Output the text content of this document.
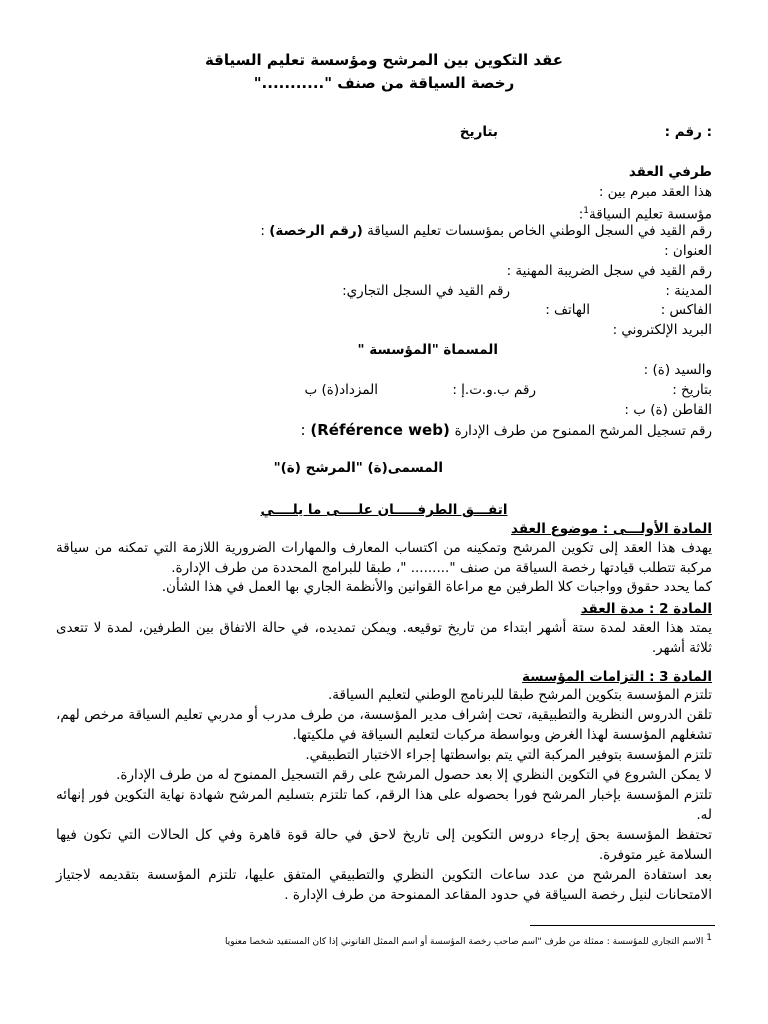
عقد التكوين بين المرشح ومؤسسة تعليم السياقة
رخصة السياقة من صنف "..........."
: رقم :
بتاريخ
طرفي العقد
هذا العقد مبرم بين :
مؤسسة تعليم السياقة$^1$:
رقم القيد في السجل الوطني الخاص بمؤسسات تعليم السياقة (رقم الرخصة) :
العنوان :
رقم القيد في سجل الضريبة المهنية :
المدينة :
رقم القيد في السجل التجاري:
الفاكس :
الهاتف :
البريد الإلكتروني :
المسماة "المؤسسة "
والسيد (ة) :
بتاريخ :
المزداد(ة) ب	رقم ب.و.ت.إ :
القاطن (ة) ب :
رقم تسجيل المرشح الممنوح من طرف الإدارة (Référence web) :
المسمى(ة) "المرشح (ة)"
اتفـــق الطرفـــــان علــــى ما يلــــي
المادة الأولـــى : موضوع العقد
يهدف هذا العقد إلى تكوين المرشح وتمكينه من اكتساب المعارف والمهارات الضرورية اللازمة التي تمكنه من سياقة مركبة تتطلب قيادتها رخصة السياقة من صنف "......... "، طبقا للبرامج المحددة من طرف الإدارة.
كما يحدد حقوق وواجبات كلا الطرفين مع مراعاة القوانين والأنظمة الجاري بها العمل في هذا الشأن.
المادة 2 : مدة العقد
يمتد هذا العقد لمدة ستة أشهر ابتداء من تاريخ توقيعه. ويمكن تمديده، في حالة الاتفاق بين الطرفين، لمدة لا تتعدى ثلاثة أشهر.
المادة 3 : التزامات المؤسسة
تلتزم المؤسسة بتكوين المرشح طبقا للبرنامج الوطني لتعليم السياقة.
تلقن الدروس النظرية والتطبيقية، تحت إشراف مدير المؤسسة، من طرف مدرب أو مدربي تعليم السياقة مرخص لهم، تشغلهم المؤسسة لهذا الغرض وبواسطة مركبات لتعليم السياقة في ملكيتها.
تلتزم المؤسسة بتوفير المركبة التي يتم بواسطتها إجراء الاختبار التطبيقي.
لا يمكن الشروع في التكوين النظري إلا بعد حصول المرشح على رقم التسجيل الممنوح له من طرف الإدارة.
تلتزم المؤسسة بإخبار المرشح فورا بحصوله على هذا الرقم، كما تلتزم بتسليم المرشح شهادة نهاية التكوين فور إنهائه له.
تحتفظ المؤسسة بحق إرجاء دروس التكوين إلى تاريخ لاحق في حالة قوة قاهرة وفي كل الحالات التي تكون فيها السلامة غير متوفرة.
بعد استفادة المرشح من عدد ساعات التكوين النظري والتطبيقي المتفق عليها، تلتزم المؤسسة بتقديمه لاجتياز الامتحانات لنيل رخصة السياقة في حدود المقاعد الممنوحة من طرف الإدارة .
1 الاسم التجاري للمؤسسة : ممثلة من طرف "اسم صاحب رخصة المؤسسة أو اسم الممثل القانوني إذا كان المستفيد شخصا معنويا
